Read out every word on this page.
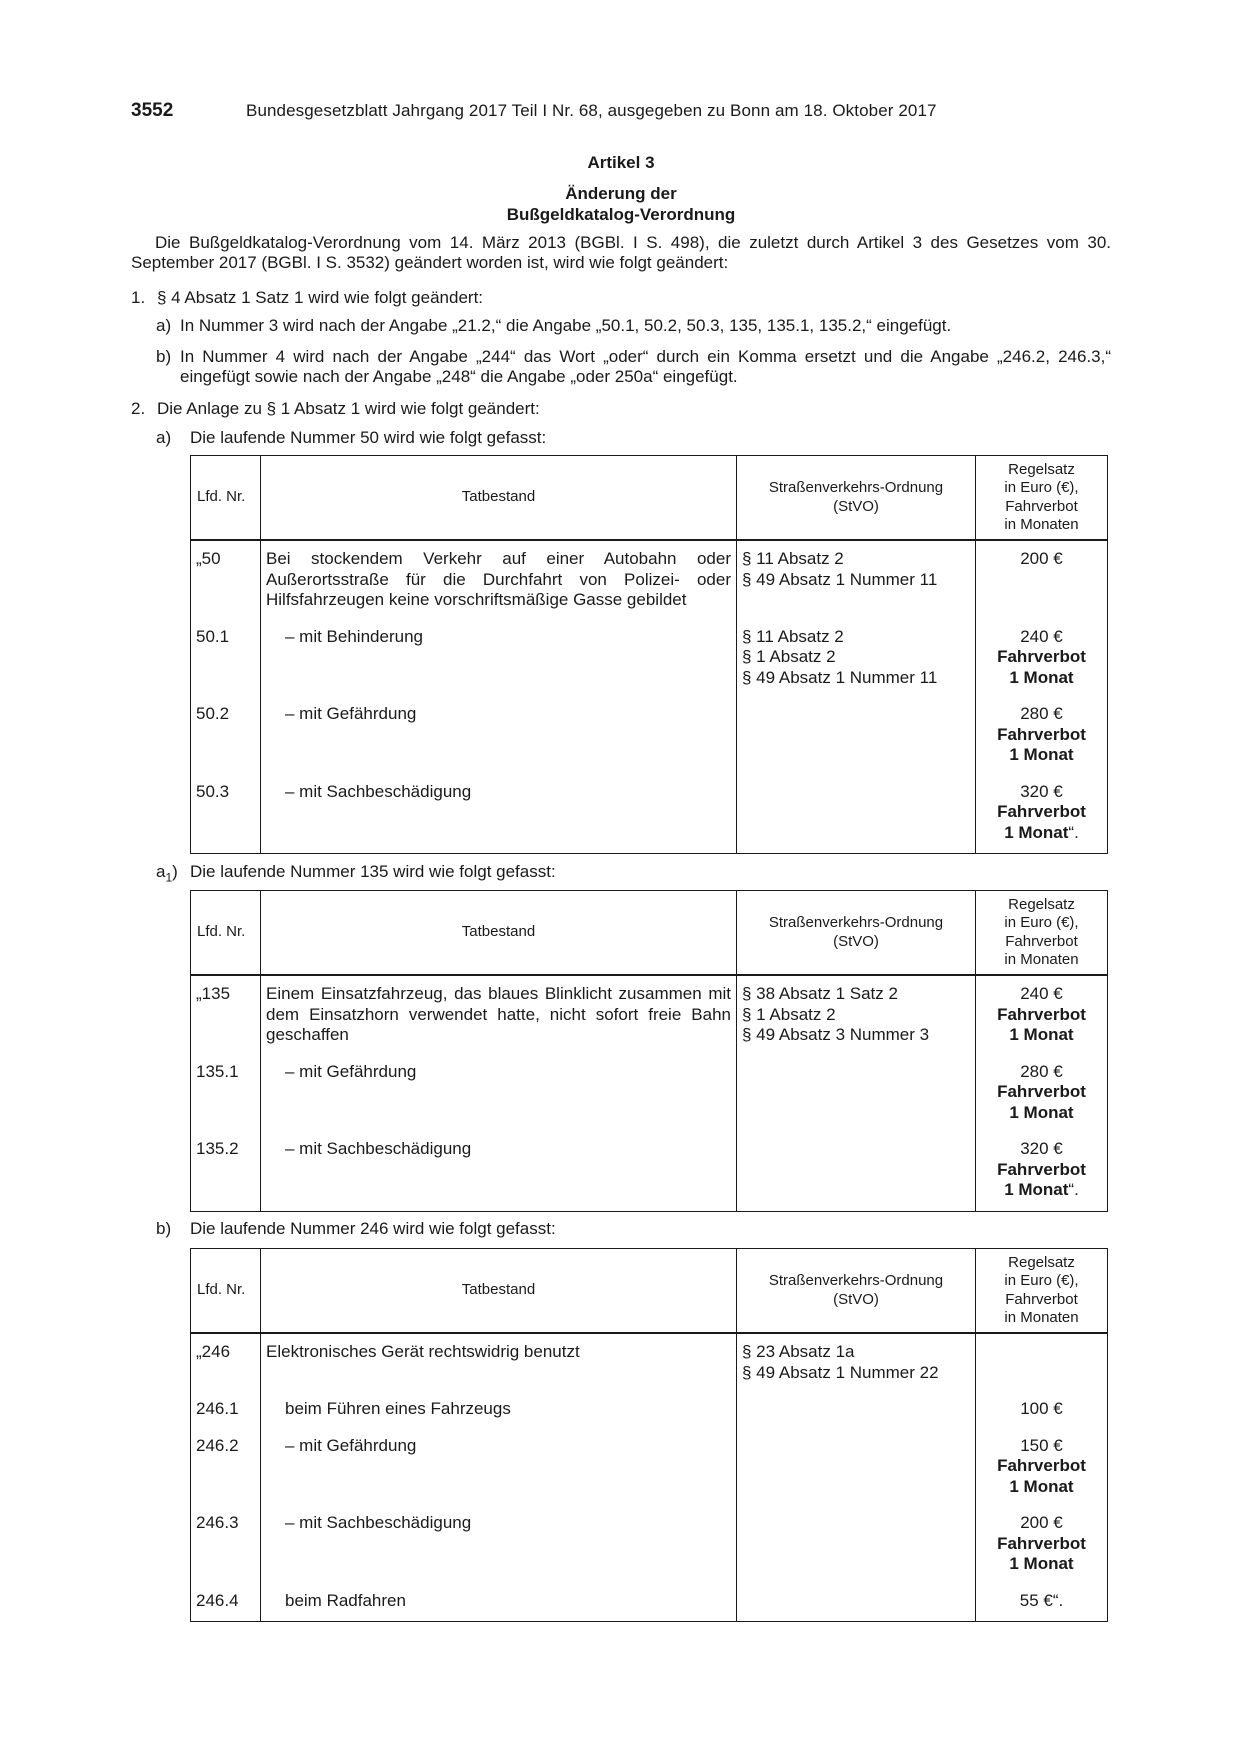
3552	Bundesgesetzblatt Jahrgang 2017 Teil I Nr. 68, ausgegeben zu Bonn am 18. Oktober 2017
Artikel 3
Änderung der
Bußgeldkatalog-Verordnung
Die Bußgeldkatalog-Verordnung vom 14. März 2013 (BGBl. I S. 498), die zuletzt durch Artikel 3 des Gesetzes vom 30. September 2017 (BGBl. I S. 3532) geändert worden ist, wird wie folgt geändert:
1. § 4 Absatz 1 Satz 1 wird wie folgt geändert:
a) In Nummer 3 wird nach der Angabe „21.2,“ die Angabe „50.1, 50.2, 50.3, 135, 135.1, 135.2,“ eingefügt.
b) In Nummer 4 wird nach der Angabe „244“ das Wort „oder“ durch ein Komma ersetzt und die Angabe „246.2, 246.3,“ eingefügt sowie nach der Angabe „248“ die Angabe „oder 250a“ eingefügt.
2. Die Anlage zu § 1 Absatz 1 wird wie folgt geändert:
a) Die laufende Nummer 50 wird wie folgt gefasst:
Lfd. Nr.	Tatbestand	Straßenverkehrs-Ordnung
(StVO)	Regelsatz
in Euro (€),
Fahrverbot
in Monaten

„50	Bei stockendem Verkehr auf einer Autobahn oder Außerortsstraße für die Durchfahrt von Polizei- oder Hilfsfahrzeugen keine vorschriftsmäßige Gasse gebildet	§ 11 Absatz 2
§ 49 Absatz 1 Nummer 11	200 €

50.1	– mit Behinderung	§ 11 Absatz 2
§ 1 Absatz 2
§ 49 Absatz 1 Nummer 11	240 €
Fahrverbot
1 Monat

50.2	– mit Gefährdung		280 €
Fahrverbot
1 Monat

50.3	– mit Sachbeschädigung		320 €
Fahrverbot
1 Monat“.
$a_1$) Die laufende Nummer 135 wird wie folgt gefasst:
Lfd. Nr.	Tatbestand	Straßenverkehrs-Ordnung
(StVO)	Regelsatz
in Euro (€),
Fahrverbot
in Monaten

„135	Einem Einsatzfahrzeug, das blaues Blinklicht zusammen mit dem Einsatzhorn verwendet hatte, nicht sofort freie Bahn geschaffen	§ 38 Absatz 1 Satz 2
§ 1 Absatz 2
§ 49 Absatz 3 Nummer 3	240 €
Fahrverbot
1 Monat

135.1	– mit Gefährdung		280 €
Fahrverbot
1 Monat

135.2	– mit Sachbeschädigung		320 €
Fahrverbot
1 Monat“.
b) Die laufende Nummer 246 wird wie folgt gefasst:
Lfd. Nr.	Tatbestand	Straßenverkehrs-Ordnung
(StVO)	Regelsatz
in Euro (€),
Fahrverbot
in Monaten

„246	Elektronisches Gerät rechtswidrig benutzt	§ 23 Absatz 1a
§ 49 Absatz 1 Nummer 22	

246.1	beim Führen eines Fahrzeugs		100 €

246.2	– mit Gefährdung		150 €
Fahrverbot
1 Monat

246.3	– mit Sachbeschädigung		200 €
Fahrverbot
1 Monat

246.4	beim Radfahren		55 €“.
